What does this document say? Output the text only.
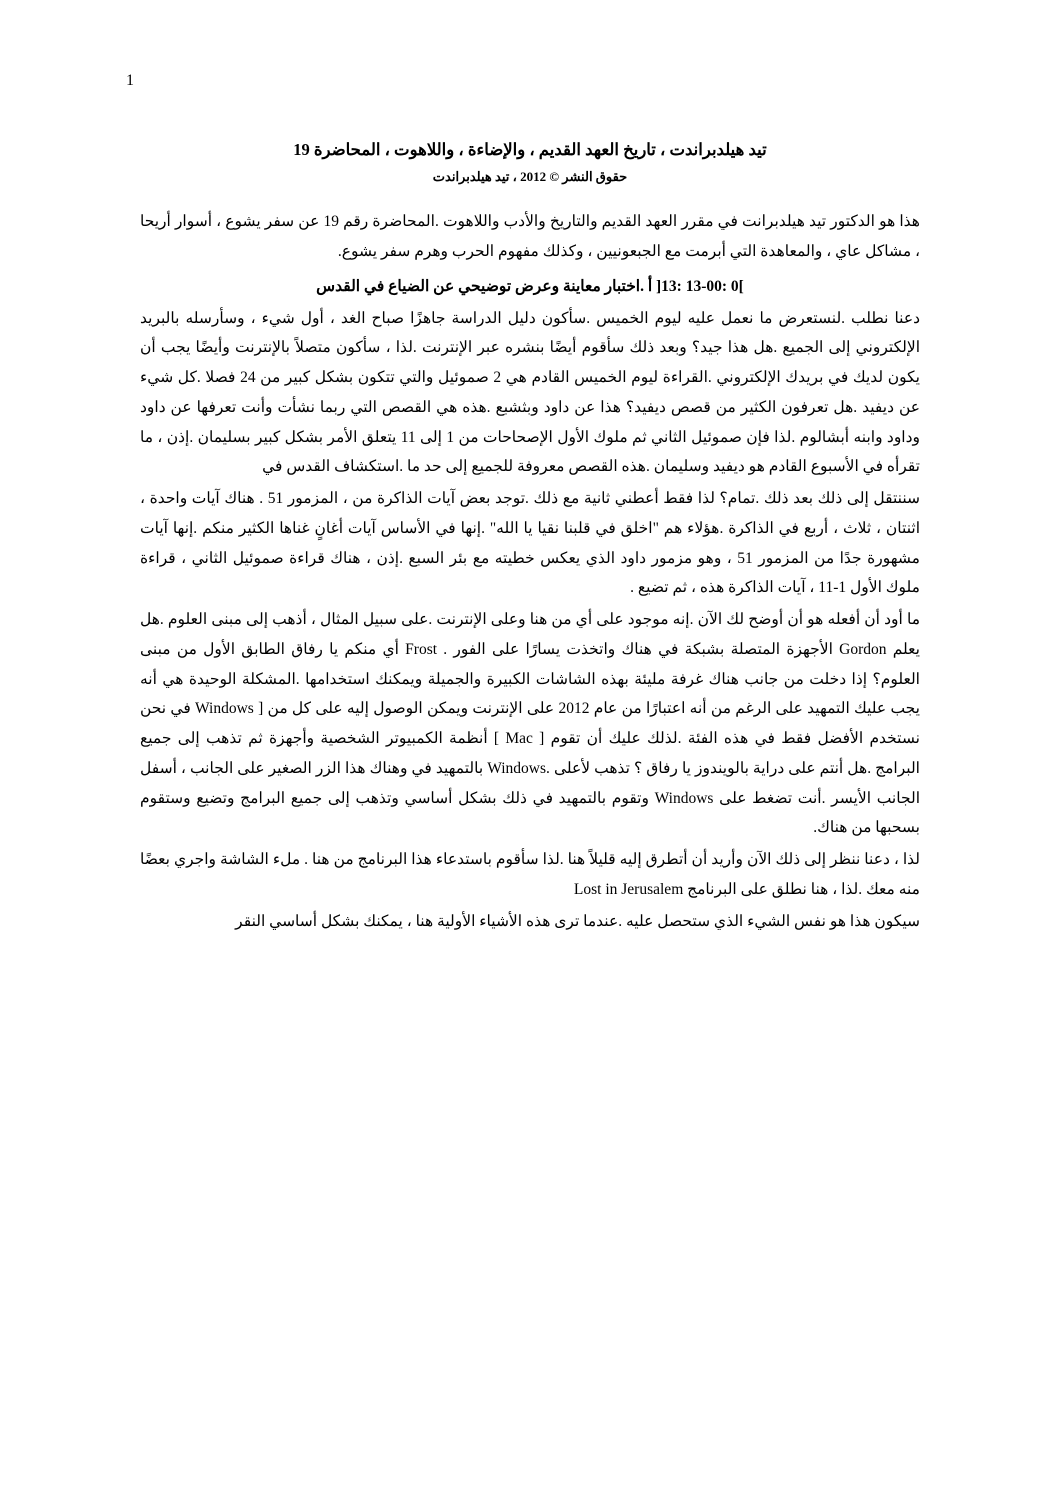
1
‫تيد هيلدبراندت ، تاريخ العهد القديم ، والإضاءة ، واللاهوت ، المحاضرة 19
حقوق النشر © 2012 ، تيد هيلدبراندت

هذا هو الدكتور تيد هيلدبرانت في مقرر العهد القديم والتاريخ والأدب واللاهوت .المحاضرة رقم 19 عن سفر يشوع ، أسوار أريحا ، مشاكل عاي ، والمعاهدة التي أبرمت مع الجبعونيين ، وكذلك مفهوم الحرب وهرم سفر يشوع.

]13: 13-00: 0[ أ .اختبار معاينة وعرض توضيحي عن الضياع في القدس

دعنا نطلب .لنستعرض ما نعمل عليه ليوم الخميس .سأكون دليل الدراسة جاهزًا صباح الغد ، أول شيء ، وسأرسله بالبريد الإلكتروني إلى الجميع .هل هذا جيد؟ وبعد ذلك سأقوم أيضًا بنشره عبر الإنترنت .لذا ، سأكون متصلاً بالإنترنت وأيضًا يجب أن يكون لديك في بريدك الإلكتروني .القراءة ليوم الخميس القادم هي 2 صموئيل والتي تتكون بشكل كبير من 24 فصلا .كل شيء عن ديفيد .هل تعرفون الكثير من قصص ديفيد؟ هذا عن داود وبثشبع .هذه هي القصص التي ربما نشأت وأنت تعرفها عن داود وداود وابنه أبشالوم .لذا فإن صموئيل الثاني ثم ملوك الأول الإصحاحات من 1 إلى 11 يتعلق الأمر بشكل كبير بسليمان .إذن ، ما تقرأه في الأسبوع القادم هو ديفيد وسليمان .هذه القصص معروفة للجميع إلى حد ما .استكشاف القدس في

سننتقل إلى ذلك بعد ذلك .تمام؟ لذا فقط أعطني ثانية مع ذلك .توجد بعض آيات الذاكرة من ، المزمور 51 . هناك آيات واحدة ، اثنتان ، ثلاث ، أربع في الذاكرة .هؤلاء هم "اخلق في قلبنا نقيا يا الله" .إنها في الأساس آيات أغانٍ غناها الكثير منكم .إنها آيات مشهورة جدًا من المزمور 51 ، وهو مزمور داود الذي يعكس خطيته مع بئر السبع .إذن ، هناك قراءة صموئيل الثاني ، قراءة ملوك الأول 1-11 ، آيات الذاكرة هذه ، ثم تضيع .

ما أود أن أفعله هو أن أوضح لك الآن .إنه موجود على أي من هنا وعلى الإنترنت .على سبيل المثال ، أذهب إلى مبنى العلوم .هل يعلم Gordon الأجهزة المتصلة بشبكة في هناك واتخذت يسارًا على الفور . Frost أي منكم يا رفاق الطابق الأول من مبنى العلوم؟ إذا دخلت من جانب هناك غرفة مليئة بهذه الشاشات الكبيرة والجميلة ويمكنك استخدامها .المشكلة الوحيدة هي أنه يجب عليك التمهيد على الرغم من أنه اعتبارًا من عام 2012 على الإنترنت ويمكن الوصول إليه على كل من [ Windows في نحن نستخدم الأفضل فقط في هذه الفئة .لذلك عليك أن تقوم [ Mac ] أنظمة الكمبيوتر الشخصية وأجهزة ثم تذهب إلى جميع البرامج .هل أنتم على دراية بالويندوز يا رفاق ؟ تذهب لأعلى .Windows بالتمهيد في وهناك هذا الزر الصغير على الجانب ، أسفل الجانب الأيسر .أنت تضغط على Windows وتقوم بالتمهيد في ذلك بشكل أساسي وتذهب إلى جميع البرامج وتضيع وستقوم بسحبها من هناك.

لذا ، دعنا ننظر إلى ذلك الآن وأريد أن أتطرق إليه قليلاً هنا .لذا سأقوم باستدعاء هذا البرنامج من هنا . ملء الشاشة واجري بعضًا منه معك .لذا ، هنا نطلق على البرنامج Lost in Jerusalem

سيكون هذا هو نفس الشيء الذي ستحصل عليه .عندما ترى هذه الأشياء الأولية هنا ، يمكنك بشكل أساسي النقر
